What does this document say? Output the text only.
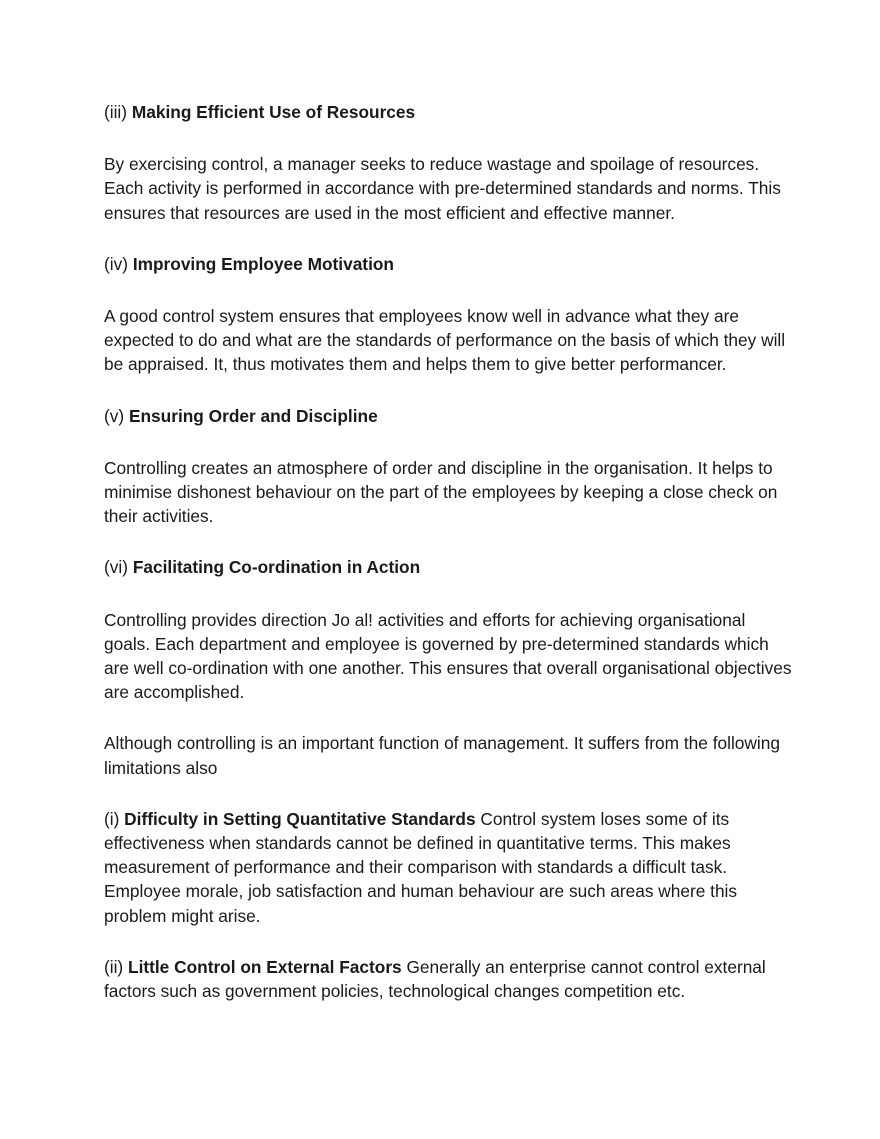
(iii) Making Efficient Use of Resources

By exercising control, a manager seeks to reduce wastage and spoilage of resources. Each activity is performed in accordance with pre-determined standards and norms. This ensures that resources are used in the most efficient and effective manner.

(iv) Improving Employee Motivation

A good control system ensures that employees know well in advance what they are expected to do and what are the standards of performance on the basis of which they will be appraised. It, thus motivates them and helps them to give better performancer.

(v) Ensuring Order and Discipline

Controlling creates an atmosphere of order and discipline in the organisation. It helps to minimise dishonest behaviour on the part of the employees by keeping a close check on their activities.

(vi) Facilitating Co-ordination in Action

Controlling provides direction Jo al! activities and efforts for achieving organisational goals. Each department and employee is governed by pre-determined standards which are well co-ordination with one another. This ensures that overall organisational objectives are accomplished.

Although controlling is an important function of management. It suffers from the following limitations also

(i) Difficulty in Setting Quantitative Standards Control system loses some of its effectiveness when standards cannot be defined in quantitative terms. This makes measurement of performance and their comparison with standards a difficult task. Employee morale, job satisfaction and human behaviour are such areas where this problem might arise.

(ii) Little Control on External Factors Generally an enterprise cannot control external factors such as government policies, technological changes competition etc.
